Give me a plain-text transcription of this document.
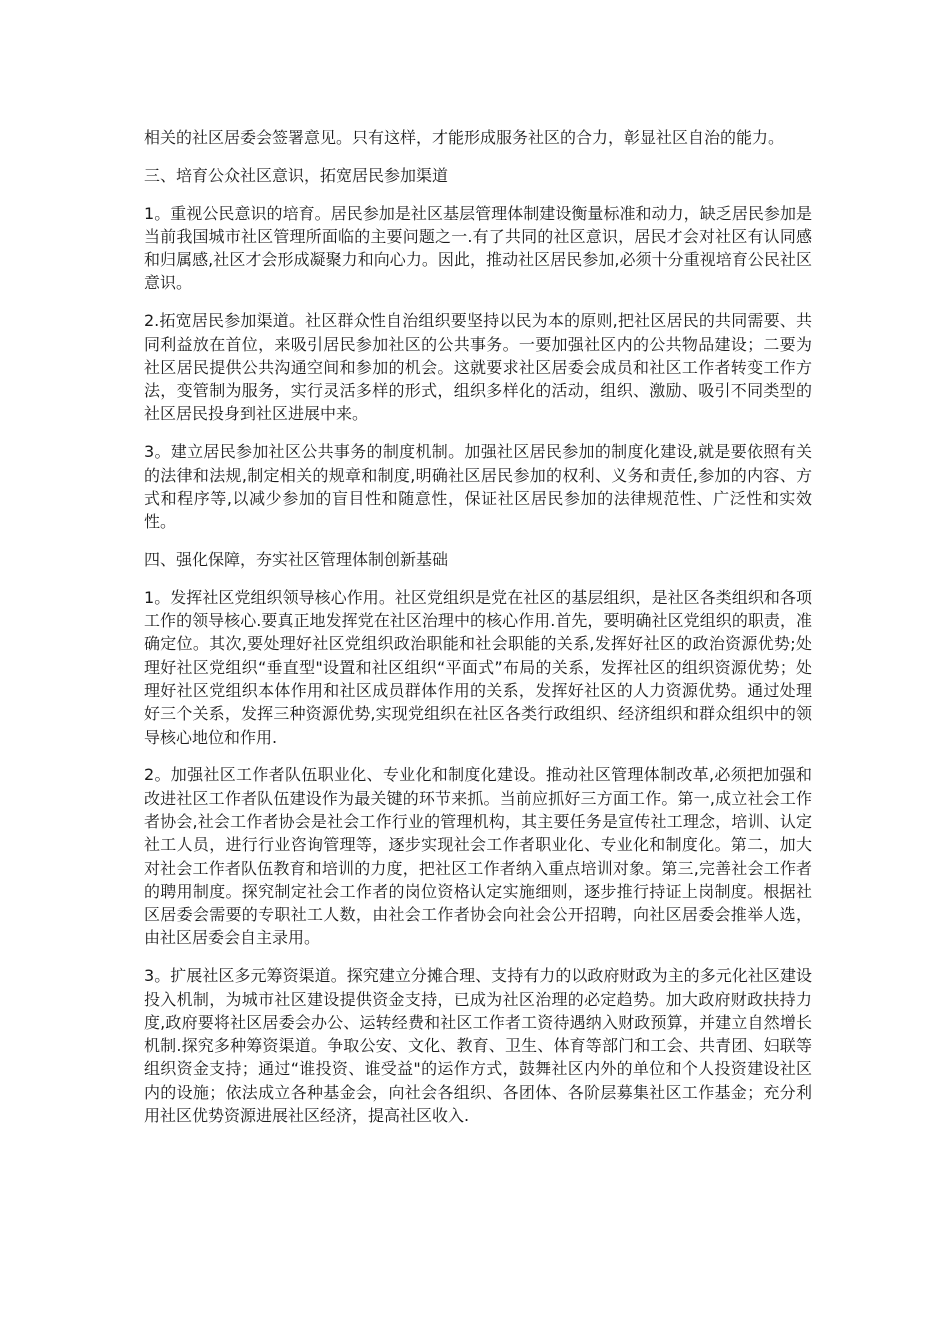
相关的社区居委会签署意见。只有这样，才能形成服务社区的合力，彰显社区自治的能力。

三、培育公众社区意识，拓宽居民参加渠道

1。重视公民意识的培育。居民参加是社区基层管理体制建设衡量标准和动力，缺乏居民参加是当前我国城市社区管理所面临的主要问题之一.有了共同的社区意识，居民才会对社区有认同感和归属感,社区才会形成凝聚力和向心力。因此，推动社区居民参加,必须十分重视培育公民社区意识。

2.拓宽居民参加渠道。社区群众性自治组织要坚持以民为本的原则,把社区居民的共同需要、共同利益放在首位，来吸引居民参加社区的公共事务。一要加强社区内的公共物品建设；二要为社区居民提供公共沟通空间和参加的机会。这就要求社区居委会成员和社区工作者转变工作方法，变管制为服务，实行灵活多样的形式，组织多样化的活动，组织、激励、吸引不同类型的社区居民投身到社区进展中来。

3。建立居民参加社区公共事务的制度机制。加强社区居民参加的制度化建设,就是要依照有关的法律和法规,制定相关的规章和制度,明确社区居民参加的权利、义务和责任,参加的内容、方式和程序等,以减少参加的盲目性和随意性，保证社区居民参加的法律规范性、广泛性和实效性。

四、强化保障，夯实社区管理体制创新基础

1。发挥社区党组织领导核心作用。社区党组织是党在社区的基层组织，是社区各类组织和各项工作的领导核心.要真正地发挥党在社区治理中的核心作用.首先，要明确社区党组织的职责，准确定位。其次,要处理好社区党组织政治职能和社会职能的关系,发挥好社区的政治资源优势;处理好社区党组织“垂直型"设置和社区组织“平面式”布局的关系，发挥社区的组织资源优势；处理好社区党组织本体作用和社区成员群体作用的关系，发挥好社区的人力资源优势。通过处理好三个关系，发挥三种资源优势,实现党组织在社区各类行政组织、经济组织和群众组织中的领导核心地位和作用.

2。加强社区工作者队伍职业化、专业化和制度化建设。推动社区管理体制改革,必须把加强和改进社区工作者队伍建设作为最关键的环节来抓。当前应抓好三方面工作。第一,成立社会工作者协会,社会工作者协会是社会工作行业的管理机构，其主要任务是宣传社工理念，培训、认定社工人员，进行行业咨询管理等，逐步实现社会工作者职业化、专业化和制度化。第二，加大对社会工作者队伍教育和培训的力度，把社区工作者纳入重点培训对象。第三,完善社会工作者的聘用制度。探究制定社会工作者的岗位资格认定实施细则，逐步推行持证上岗制度。根据社区居委会需要的专职社工人数，由社会工作者协会向社会公开招聘，向社区居委会推举人选，由社区居委会自主录用。

3。扩展社区多元筹资渠道。探究建立分摊合理、支持有力的以政府财政为主的多元化社区建设投入机制，为城市社区建设提供资金支持，已成为社区治理的必定趋势。加大政府财政扶持力度,政府要将社区居委会办公、运转经费和社区工作者工资待遇纳入财政预算，并建立自然增长机制.探究多种筹资渠道。争取公安、文化、教育、卫生、体育等部门和工会、共青团、妇联等组织资金支持；通过“谁投资、谁受益"的运作方式，鼓舞社区内外的单位和个人投资建设社区内的设施；依法成立各种基金会，向社会各组织、各团体、各阶层募集社区工作基金；充分利用社区优势资源进展社区经济，提高社区收入.
